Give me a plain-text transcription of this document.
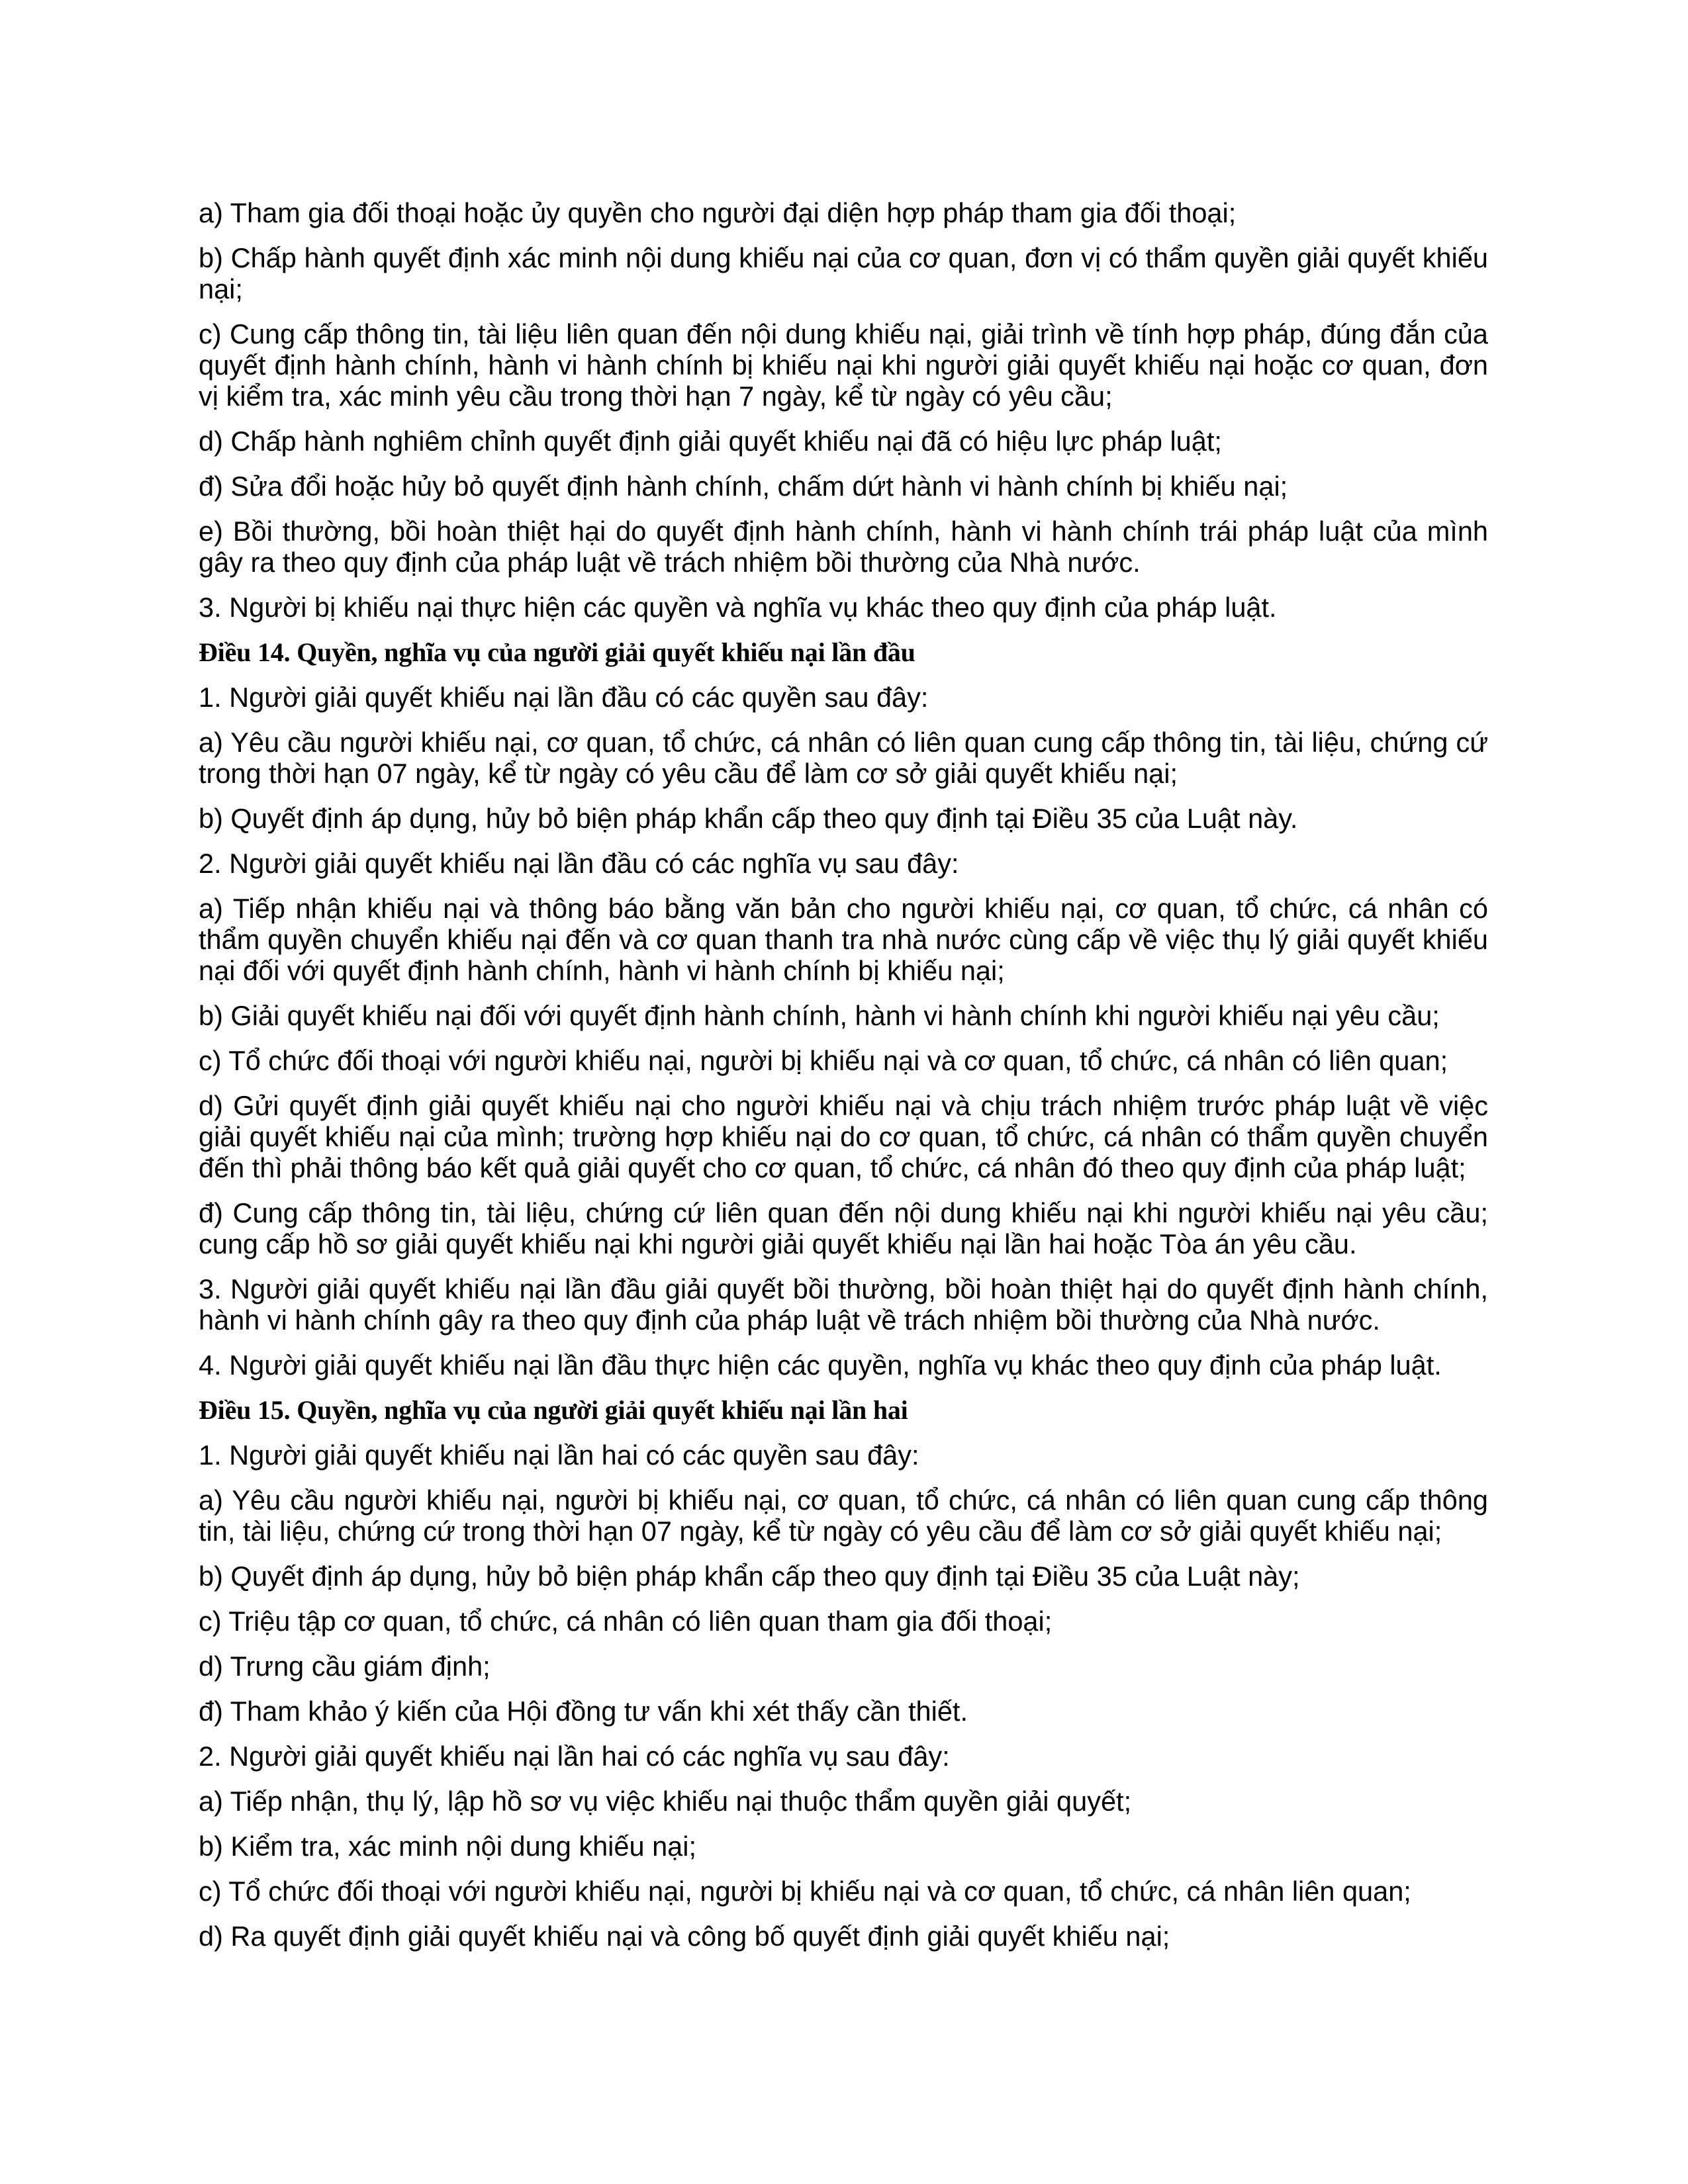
a) Tham gia đối thoại hoặc ủy quyền cho người đại diện hợp pháp tham gia đối thoại;

b) Chấp hành quyết định xác minh nội dung khiếu nại của cơ quan, đơn vị có thẩm quyền giải quyết khiếu nại;

c) Cung cấp thông tin, tài liệu liên quan đến nội dung khiếu nại, giải trình về tính hợp pháp, đúng đắn của quyết định hành chính, hành vi hành chính bị khiếu nại khi người giải quyết khiếu nại hoặc cơ quan, đơn vị kiểm tra, xác minh yêu cầu trong thời hạn 7 ngày, kể từ ngày có yêu cầu;

d) Chấp hành nghiêm chỉnh quyết định giải quyết khiếu nại đã có hiệu lực pháp luật;

đ) Sửa đổi hoặc hủy bỏ quyết định hành chính, chấm dứt hành vi hành chính bị khiếu nại;

e) Bồi thường, bồi hoàn thiệt hại do quyết định hành chính, hành vi hành chính trái pháp luật của mình gây ra theo quy định của pháp luật về trách nhiệm bồi thường của Nhà nước.

3. Người bị khiếu nại thực hiện các quyền và nghĩa vụ khác theo quy định của pháp luật.

Điều 14. Quyền, nghĩa vụ của người giải quyết khiếu nại lần đầu

1. Người giải quyết khiếu nại lần đầu có các quyền sau đây:

a) Yêu cầu người khiếu nại, cơ quan, tổ chức, cá nhân có liên quan cung cấp thông tin, tài liệu, chứng cứ trong thời hạn 07 ngày, kể từ ngày có yêu cầu để làm cơ sở giải quyết khiếu nại;

b) Quyết định áp dụng, hủy bỏ biện pháp khẩn cấp theo quy định tại Điều 35 của Luật này.

2. Người giải quyết khiếu nại lần đầu có các nghĩa vụ sau đây:

a) Tiếp nhận khiếu nại và thông báo bằng văn bản cho người khiếu nại, cơ quan, tổ chức, cá nhân có thẩm quyền chuyển khiếu nại đến và cơ quan thanh tra nhà nước cùng cấp về việc thụ lý giải quyết khiếu nại đối với quyết định hành chính, hành vi hành chính bị khiếu nại;

b) Giải quyết khiếu nại đối với quyết định hành chính, hành vi hành chính khi người khiếu nại yêu cầu;

c) Tổ chức đối thoại với người khiếu nại, người bị khiếu nại và cơ quan, tổ chức, cá nhân có liên quan;

d) Gửi quyết định giải quyết khiếu nại cho người khiếu nại và chịu trách nhiệm trước pháp luật về việc giải quyết khiếu nại của mình; trường hợp khiếu nại do cơ quan, tổ chức, cá nhân có thẩm quyền chuyển đến thì phải thông báo kết quả giải quyết cho cơ quan, tổ chức, cá nhân đó theo quy định của pháp luật;

đ) Cung cấp thông tin, tài liệu, chứng cứ liên quan đến nội dung khiếu nại khi người khiếu nại yêu cầu; cung cấp hồ sơ giải quyết khiếu nại khi người giải quyết khiếu nại lần hai hoặc Tòa án yêu cầu.

3. Người giải quyết khiếu nại lần đầu giải quyết bồi thường, bồi hoàn thiệt hại do quyết định hành chính, hành vi hành chính gây ra theo quy định của pháp luật về trách nhiệm bồi thường của Nhà nước.

4. Người giải quyết khiếu nại lần đầu thực hiện các quyền, nghĩa vụ khác theo quy định của pháp luật.

Điều 15. Quyền, nghĩa vụ của người giải quyết khiếu nại lần hai

1. Người giải quyết khiếu nại lần hai có các quyền sau đây:

a) Yêu cầu người khiếu nại, người bị khiếu nại, cơ quan, tổ chức, cá nhân có liên quan cung cấp thông tin, tài liệu, chứng cứ trong thời hạn 07 ngày, kể từ ngày có yêu cầu để làm cơ sở giải quyết khiếu nại;

b) Quyết định áp dụng, hủy bỏ biện pháp khẩn cấp theo quy định tại Điều 35 của Luật này;

c) Triệu tập cơ quan, tổ chức, cá nhân có liên quan tham gia đối thoại;

d) Trưng cầu giám định;

đ) Tham khảo ý kiến của Hội đồng tư vấn khi xét thấy cần thiết.

2. Người giải quyết khiếu nại lần hai có các nghĩa vụ sau đây:

a) Tiếp nhận, thụ lý, lập hồ sơ vụ việc khiếu nại thuộc thẩm quyền giải quyết;

b) Kiểm tra, xác minh nội dung khiếu nại;

c) Tổ chức đối thoại với người khiếu nại, người bị khiếu nại và cơ quan, tổ chức, cá nhân liên quan;

d) Ra quyết định giải quyết khiếu nại và công bố quyết định giải quyết khiếu nại;
